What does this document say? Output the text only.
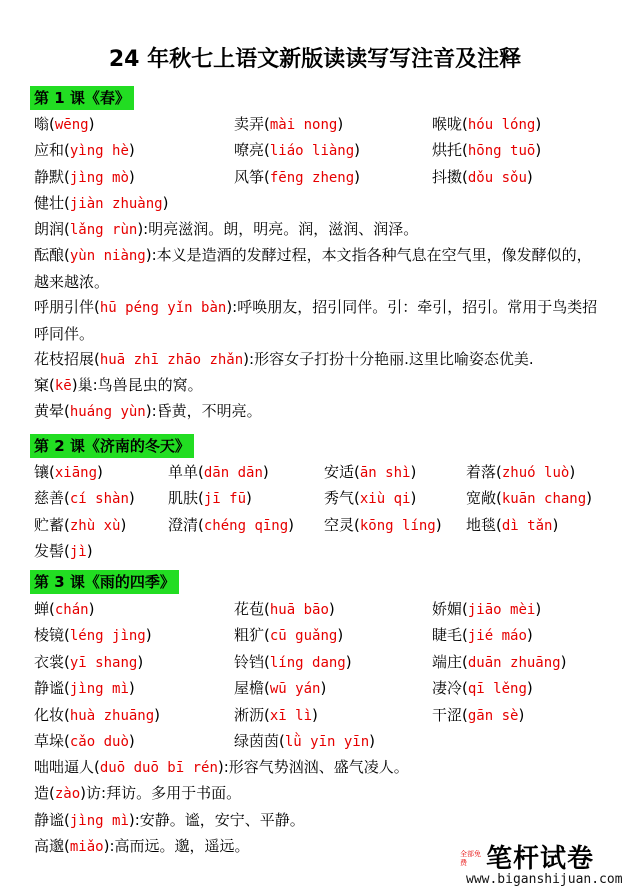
24 年秋七上语文新版读读写写注音及注释
第 1 课《春》
嗡(wēng)	卖弄(mài nong)	喉咙(hóu lóng)
应和(yìng hè)	嘹亮(liáo liàng)	烘托(hōng tuō)
静默(jìng mò)	风筝(fēng zheng)	抖擞(dǒu sǒu)
健壮(jiàn zhuàng)
朗润(lǎng rùn):明亮滋润。朗，明亮。润，滋润、润泽。
酝酿(yùn niàng):本义是造酒的发酵过程，本文指各种气息在空气里，像发酵似的，越来越浓。
呼朋引伴(hū péng yǐn bàn):呼唤朋友，招引同伴。引：牵引，招引。常用于鸟类招呼同伴。
花枝招展(huā zhī zhāo zhǎn):形容女子打扮十分艳丽.这里比喻姿态优美.
窠(kē)巢:鸟兽昆虫的窝。
黄晕(huáng yùn):昏黄，不明亮。
第 2 课《济南的冬天》
镶(xiāng)	单单(dān dān)	安适(ān shì)	着落(zhuó luò)
慈善(cí shàn) 肌肤(jī fū)	秀气(xiù qi)	宽敞(kuān chang)
贮蓄(zhù xù)	澄清(chéng qīng) 空灵(kōng líng) 地毯(dì tǎn)
发髻(jì)
第 3 课《雨的四季》
蝉(chán)	花苞(huā bāo)	娇媚(jiāo mèi)
棱镜(léng jìng)	粗犷(cū guǎng)	睫毛(jié máo)
衣裳(yī shang)	铃铛(líng dang)	端庄(duān zhuāng)
静谧(jìng mì)	屋檐(wū yán)	凄冷(qī lěng)
化妆(huà zhuāng)	淅沥(xī lì)	干涩(gān sè)
草垛(cǎo duò)	绿茵茵(lǜ yīn yīn)
咄咄逼人(duō duō bī rén):形容气势汹汹、盛气凌人。
造(zào)访:拜访。多用于书面。
静谧(jìng mì):安静。谧，安宁、平静。
高邈(miǎo):高而远。邈，遥远。	全部免费 笔杆试卷
www.biganshijuan.com
